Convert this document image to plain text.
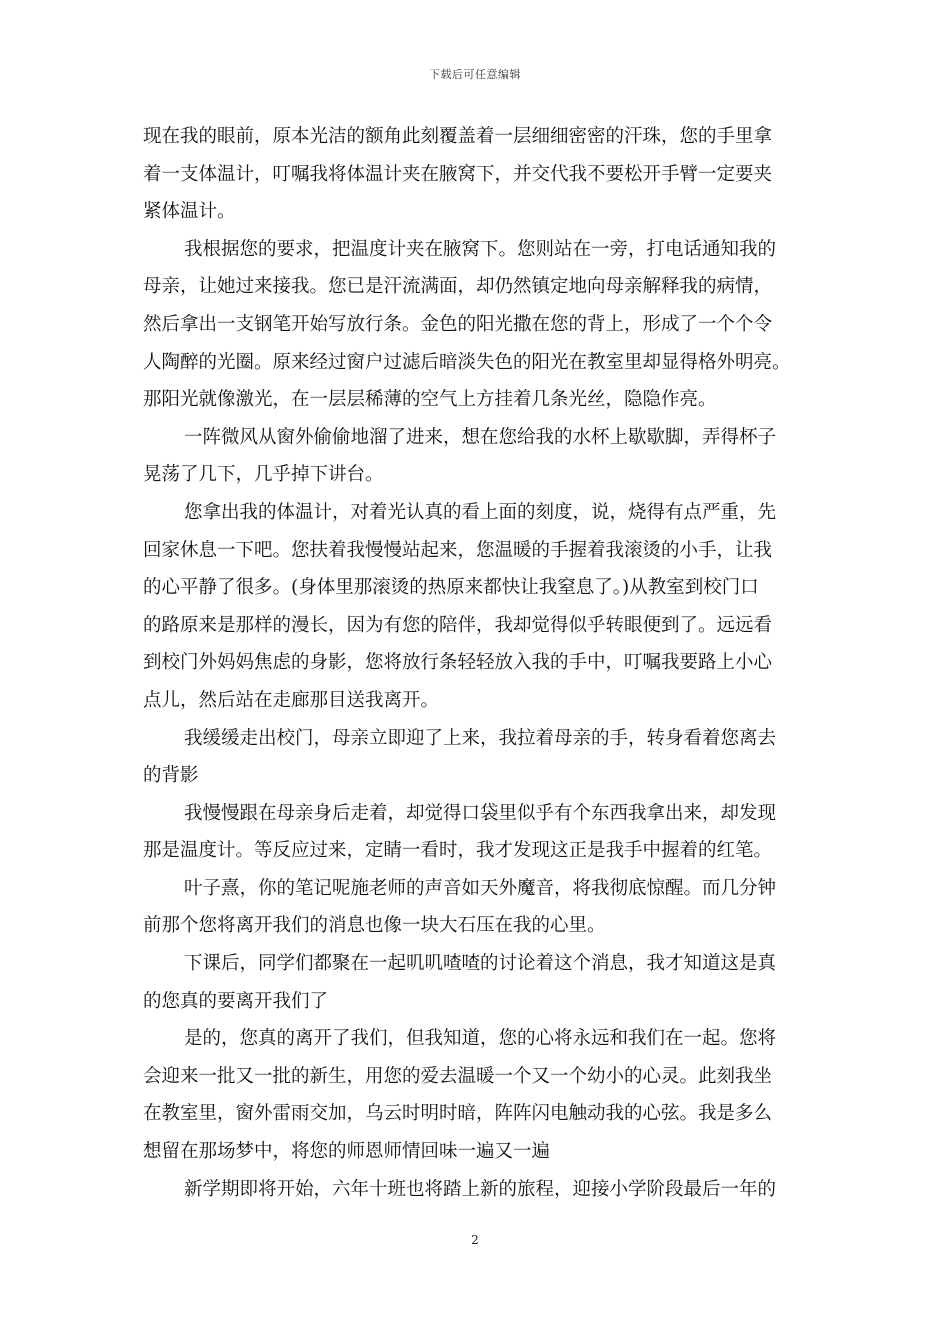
下载后可任意编辑
现在我的眼前，原本光洁的额角此刻覆盖着一层细细密密的汗珠，您的手里拿
着一支体温计，叮嘱我将体温计夹在腋窝下，并交代我不要松开手臂一定要夹
紧体温计。
我根据您的要求，把温度计夹在腋窝下。您则站在一旁，打电话通知我的
母亲，让她过来接我。您已是汗流满面，却仍然镇定地向母亲解释我的病情，
然后拿出一支钢笔开始写放行条。金色的阳光撒在您的背上，形成了一个个令
人陶醉的光圈。原来经过窗户过滤后暗淡失色的阳光在教室里却显得格外明亮。
那阳光就像激光，在一层层稀薄的空气上方挂着几条光丝，隐隐作亮。
一阵微风从窗外偷偷地溜了进来，想在您给我的水杯上歇歇脚，弄得杯子
晃荡了几下，几乎掉下讲台。
您拿出我的体温计，对着光认真的看上面的刻度，说，烧得有点严重，先
回家休息一下吧。您扶着我慢慢站起来，您温暖的手握着我滚烫的小手，让我
的心平静了很多。(身体里那滚烫的热原来都快让我窒息了。)从教室到校门口
的路原来是那样的漫长，因为有您的陪伴，我却觉得似乎转眼便到了。远远看
到校门外妈妈焦虑的身影，您将放行条轻轻放入我的手中，叮嘱我要路上小心
点儿，然后站在走廊那目送我离开。
我缓缓走出校门，母亲立即迎了上来，我拉着母亲的手，转身看着您离去
的背影
我慢慢跟在母亲身后走着，却觉得口袋里似乎有个东西我拿出来，却发现
那是温度计。等反应过来，定睛一看时，我才发现这正是我手中握着的红笔。
叶子熹，你的笔记呢施老师的声音如天外魔音，将我彻底惊醒。而几分钟
前那个您将离开我们的消息也像一块大石压在我的心里。
下课后，同学们都聚在一起叽叽喳喳的讨论着这个消息，我才知道这是真
的您真的要离开我们了
是的，您真的离开了我们，但我知道，您的心将永远和我们在一起。您将
会迎来一批又一批的新生，用您的爱去温暖一个又一个幼小的心灵。此刻我坐
在教室里，窗外雷雨交加，乌云时明时暗，阵阵闪电触动我的心弦。我是多么
想留在那场梦中，将您的师恩师情回味一遍又一遍
新学期即将开始，六年十班也将踏上新的旅程，迎接小学阶段最后一年的
2
